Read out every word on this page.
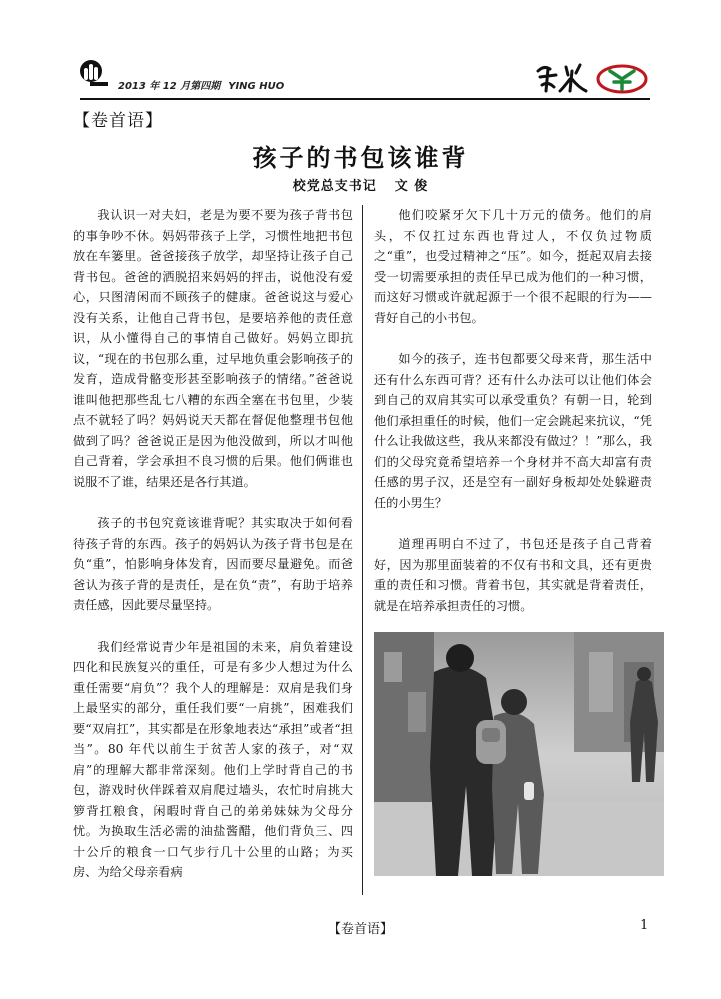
2013 年 12 月第四期 YING HUO
【卷首语】
孩子的书包该谁背
校党总支书记 文 俊

我认识一对夫妇，老是为要不要为孩子背书包的事争吵不休。妈妈带孩子上学，习惯性地把书包放在车篓里。爸爸接孩子放学，却坚持让孩子自己背书包。爸爸的洒脱招来妈妈的抨击，说他没有爱心，只图清闲而不顾孩子的健康。爸爸说这与爱心没有关系，让他自己背书包，是要培养他的责任意识，从小懂得自己的事情自己做好。妈妈立即抗议，“现在的书包那么重，过早地负重会影响孩子的发育，造成骨骼变形甚至影响孩子的情绪。”爸爸说谁叫他把那些乱七八糟的东西全塞在书包里，少装点不就轻了吗？妈妈说天天都在督促他整理书包他做到了吗？爸爸说正是因为他没做到，所以才叫他自己背着，学会承担不良习惯的后果。他们俩谁也说服不了谁，结果还是各行其道。

孩子的书包究竟该谁背呢？其实取决于如何看待孩子背的东西。孩子的妈妈认为孩子背书包是在负“重”，怕影响身体发育，因而要尽量避免。而爸爸认为孩子背的是责任，是在负“责”，有助于培养责任感，因此要尽量坚持。

我们经常说青少年是祖国的未来，肩负着建设四化和民族复兴的重任，可是有多少人想过为什么重任需要“肩负”？我个人的理解是：双肩是我们身上最坚实的部分，重任我们要“一肩挑”，困难我们要“双肩扛”，其实都是在形象地表达“承担”或者“担当”。80 年代以前生于贫苦人家的孩子，对“双肩”的理解大都非常深刻。他们上学时背自己的书包，游戏时伙伴踩着双肩爬过墙头，农忙时肩挑大箩背扛粮食，闲暇时背自己的弟弟妹妹为父母分忧。为换取生活必需的油盐酱醋，他们背负三、四十公斤的粮食一口气步行几十公里的山路；为买房、为给父母亲看病

他们咬紧牙欠下几十万元的债务。他们的肩头，不仅扛过东西也背过人，不仅负过物质之“重”，也受过精神之“压”。如今，挺起双肩去接受一切需要承担的责任早已成为他们的一种习惯，而这好习惯或许就起源于一个很不起眼的行为——背好自己的小书包。

如今的孩子，连书包都要父母来背，那生活中还有什么东西可背？还有什么办法可以让他们体会到自己的双肩其实可以承受重负？有朝一日，轮到他们承担重任的时候，他们一定会跳起来抗议，“凭什么让我做这些，我从来都没有做过？！”那么，我们的父母究竟希望培养一个身材并不高大却富有责任感的男子汉，还是空有一副好身板却处处躲避责任的小男生？

道理再明白不过了，书包还是孩子自己背着好，因为那里面装着的不仅有书和文具，还有更贵重的责任和习惯。背着书包，其实就是背着责任，就是在培养承担责任的习惯。

【卷首语】	1
